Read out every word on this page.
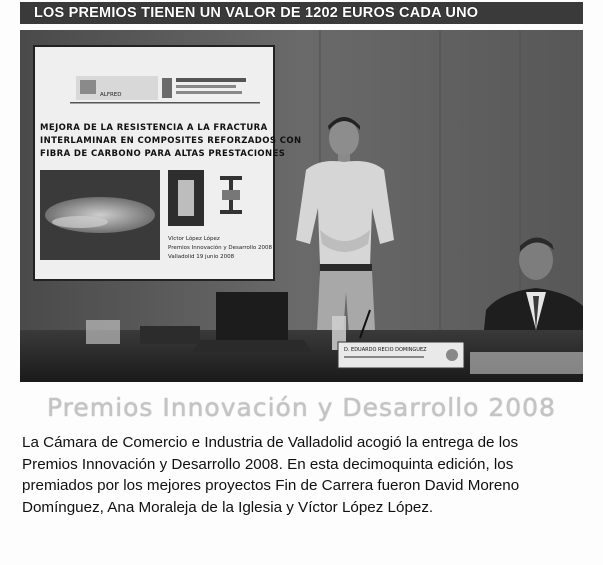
LOS PREMIOS TIENEN UN VALOR DE 1202 EUROS CADA UNO
ALFRED
MEJORA DE LA RESISTENCIA A LA FRACTURA
INTERLAMINAR EN COMPOSITES REFORZADOS CON
FIBRA DE CARBONO PARA ALTAS PRESTACIONES
Víctor López López
Premios Innovación y Desarrollo 2008
Valladolid 19 junio 2008
D. EDUARDO RECIO DOMINGUEZ
Premios Innovación y Desarrollo 2008
La Cámara de Comercio e Industria de Valladolid acogió la entrega de los
Premios Innovación y Desarrollo 2008. En esta decimoquinta edición, los
premiados por los mejores proyectos Fin de Carrera fueron David Moreno
Domínguez, Ana Moraleja de la Iglesia y Víctor López López.
